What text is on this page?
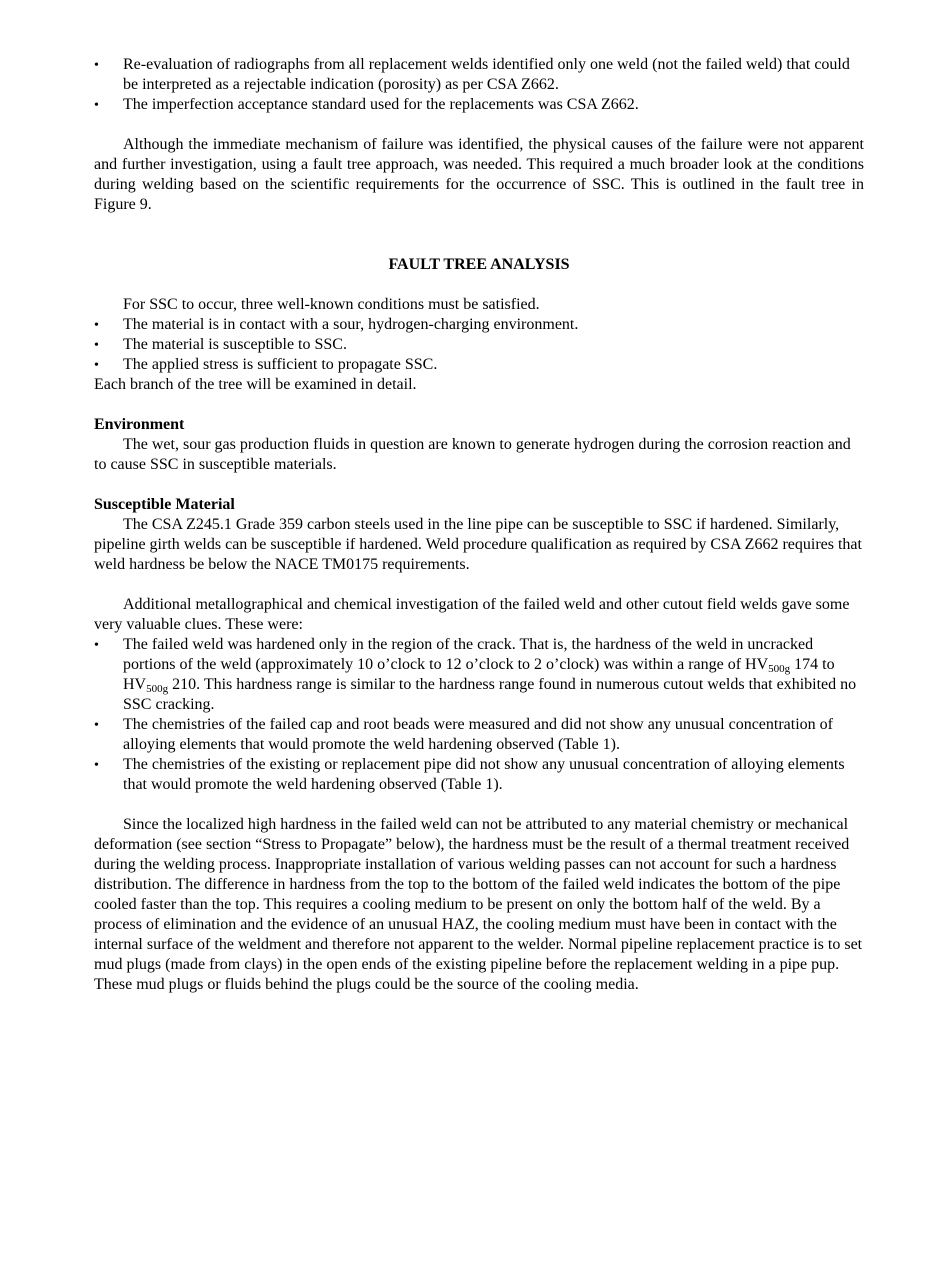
•
Re-evaluation of radiographs from all replacement welds identified only one weld (not the failed weld) that could be interpreted as a rejectable indication (porosity) as per CSA Z662.
•
The imperfection acceptance standard used for the replacements was CSA Z662.

Although the immediate mechanism of failure was identified, the physical causes of the failure were not apparent and further investigation, using a fault tree approach, was needed. This required a much broader look at the conditions during welding based on the scientific requirements for the occurrence of SSC. This is outlined in the fault tree in Figure 9.

FAULT TREE ANALYSIS

For SSC to occur, three well-known conditions must be satisfied.

•
The material is in contact with a sour, hydrogen-charging environment.
•
The material is susceptible to SSC.
•
The applied stress is sufficient to propagate SSC.

Each branch of the tree will be examined in detail.

Environment

The wet, sour gas production fluids in question are known to generate hydrogen during the corrosion reaction and to cause SSC in susceptible materials.

Susceptible Material

The CSA Z245.1 Grade 359 carbon steels used in the line pipe can be susceptible to SSC if hardened. Similarly, pipeline girth welds can be susceptible if hardened. Weld procedure qualification as required by CSA Z662 requires that weld hardness be below the NACE TM0175 requirements.

Additional metallographical and chemical investigation of the failed weld and other cutout field welds gave some very valuable clues. These were:

•
The failed weld was hardened only in the region of the crack. That is, the hardness of the weld in uncracked portions of the weld (approximately 10 o’clock to 12 o’clock to 2 o’clock) was within a range of $HV_{500g}$ 174 to $HV_{500g}$ 210. This hardness range is similar to the hardness range found in numerous cutout welds that exhibited no SSC cracking.
•
The chemistries of the failed cap and root beads were measured and did not show any unusual concentration of alloying elements that would promote the weld hardening observed (Table 1).
•
The chemistries of the existing or replacement pipe did not show any unusual concentration of alloying elements that would promote the weld hardening observed (Table 1).

Since the localized high hardness in the failed weld can not be attributed to any material chemistry or mechanical deformation (see section “Stress to Propagate” below), the hardness must be the result of a thermal treatment received during the welding process. Inappropriate installation of various welding passes can not account for such a hardness distribution. The difference in hardness from the top to the bottom of the failed weld indicates the bottom of the pipe cooled faster than the top. This requires a cooling medium to be present on only the bottom half of the weld. By a process of elimination and the evidence of an unusual HAZ, the cooling medium must have been in contact with the internal surface of the weldment and therefore not apparent to the welder. Normal pipeline replacement practice is to set mud plugs (made from clays) in the open ends of the existing pipeline before the replacement welding in a pipe pup. These mud plugs or fluids behind the plugs could be the source of the cooling media.
